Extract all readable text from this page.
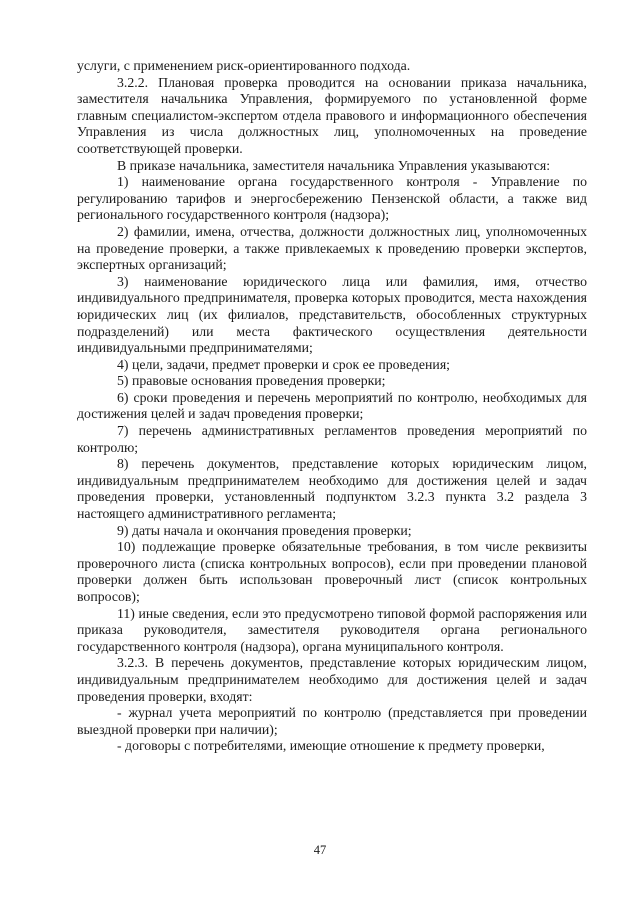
услуги, с применением риск-ориентированного подхода.

3.2.2. Плановая проверка проводится на основании приказа начальника, заместителя начальника Управления, формируемого по установленной форме главным специалистом-экспертом отдела правового и информационного обеспечения Управления из числа должностных лиц, уполномоченных на проведение соответствующей проверки.

В приказе начальника, заместителя начальника Управления указываются:

1) наименование органа государственного контроля - Управление по регулированию тарифов и энергосбережению Пензенской области, а также вид регионального государственного контроля (надзора);

2) фамилии, имена, отчества, должности должностных лиц, уполномоченных на проведение проверки, а также привлекаемых к проведению проверки экспертов, экспертных организаций;

3) наименование юридического лица или фамилия, имя, отчество индивидуального предпринимателя, проверка которых проводится, места нахождения юридических лиц (их филиалов, представительств, обособленных структурных подразделений) или места фактического осуществления деятельности индивидуальными предпринимателями;

4) цели, задачи, предмет проверки и срок ее проведения;

5) правовые основания проведения проверки;

6) сроки проведения и перечень мероприятий по контролю, необходимых для достижения целей и задач проведения проверки;

7) перечень административных регламентов проведения мероприятий по контролю;

8) перечень документов, представление которых юридическим лицом, индивидуальным предпринимателем необходимо для достижения целей и задач проведения проверки, установленный подпунктом 3.2.3 пункта 3.2 раздела 3 настоящего административного регламента;

9) даты начала и окончания проведения проверки;

10) подлежащие проверке обязательные требования, в том числе реквизиты проверочного листа (списка контрольных вопросов), если при проведении плановой проверки должен быть использован проверочный лист (список контрольных вопросов);

11) иные сведения, если это предусмотрено типовой формой распоряжения или приказа руководителя, заместителя руководителя органа регионального государственного контроля (надзора), органа муниципального контроля.

3.2.3. В перечень документов, представление которых юридическим лицом, индивидуальным предпринимателем необходимо для достижения целей и задач проведения проверки, входят:

- журнал учета мероприятий по контролю (представляется при проведении выездной проверки при наличии);

- договоры с потребителями, имеющие отношение к предмету проверки,

47
